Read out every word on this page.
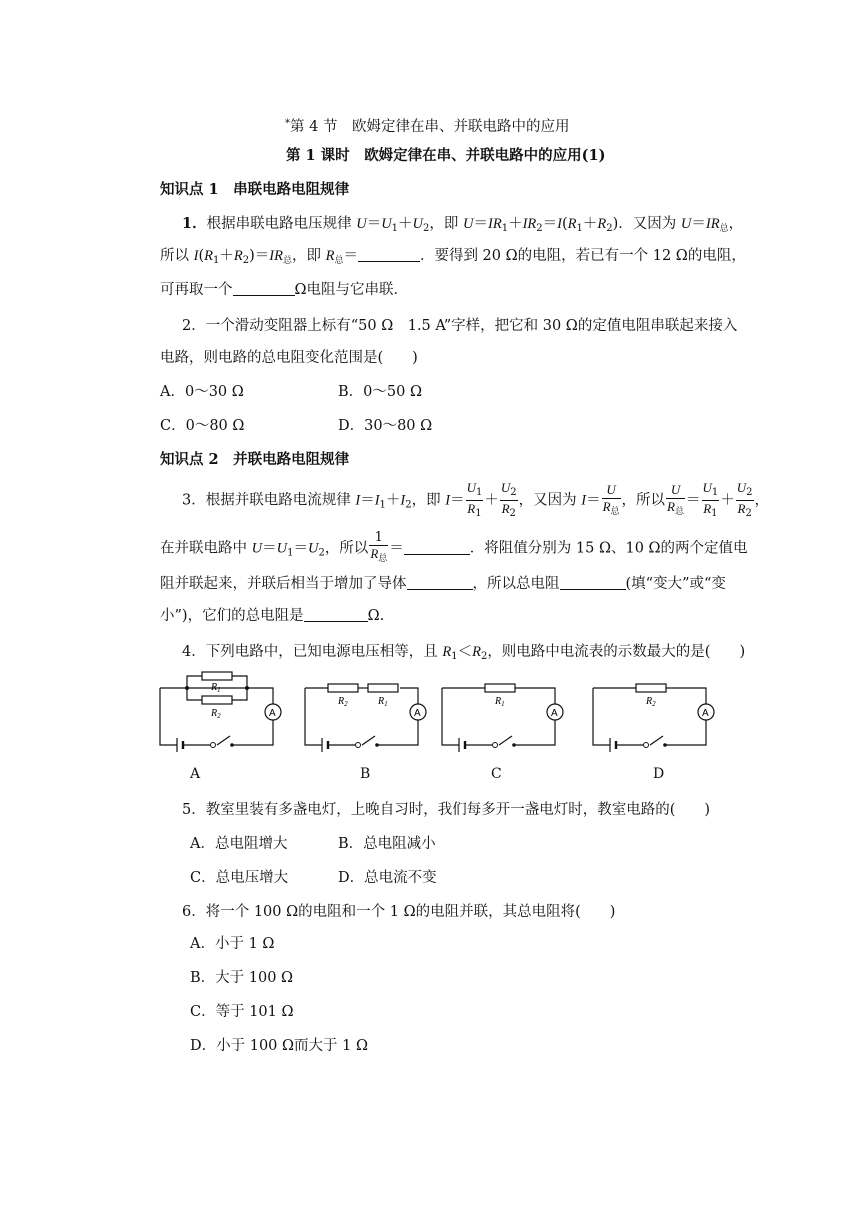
*第 4 节　 欧姆定律在串、并联电路中的应用
第 1 课时　 欧姆定律在串、并联电路中的应用(1)
知识点 1　 串联电路电阻规律
1．根据串联电路电压规律 $U=U_1+U_2$，即 $U=IR_1+IR_2=I(R_1+R_2)$．又因为 $U=IR_总$，
所以 $I(R_1+R_2)=IR_总$，即 $R_总=$	．要得到 20 Ω的电阻，若已有一个 12 Ω的电阻，
可再取一个	Ω电阻与它串联．
2．一个滑动变阻器上标有“50 Ω　1.5 A”字样，把它和 30 Ω的定值电阻串联起来接入
电路，则电路的总电阻变化范围是(　　)
A．0～30 Ω	B．0～50 Ω
C．0～80 Ω	D．30～80 Ω
知识点 2　 并联电路电阻规律
3．根据并联电路电流规律 $I=I_1+I_2$，即 $I= \frac{U_1}{R_1} + \frac{U_2}{R_2}$ ，又因为 $I= \frac{U}{R_总}$ ，所以 $\frac{U}{R_总} = \frac{U_1}{R_1} + \frac{U_2}{R_2}$ ，
在并联电路中 $U=U_1=U_2$，所以 $\frac{1}{R_总}$ ＝	．将阻值分别为 15 Ω、10 Ω的两个定值电
阻并联起来，并联后相当于增加了导体	，所以总电阻	(填“变大”或“变
小”)，它们的总电阻是	Ω.
4．下列电路中，已知电源电压相等，且 $R_1<R_2$，则电路中电流表的示数最大的是(　　)
A
$R_1$
$R_2$
A
A
$R_2$	$R_1$
B
A
$R_1$
C
A
$R_2$
D
5．教室里装有多盏电灯，上晚自习时，我们每多开一盏电灯时，教室电路的(　　)
A．总电阻增大	B．总电阻减小
C．总电压增大	D．总电流不变
6．将一个 100 Ω的电阻和一个 1 Ω的电阻并联，其总电阻将(　　)
A．小于 1 Ω
B．大于 100 Ω
C．等于 101 Ω
D．小于 100 Ω而大于 1 Ω
